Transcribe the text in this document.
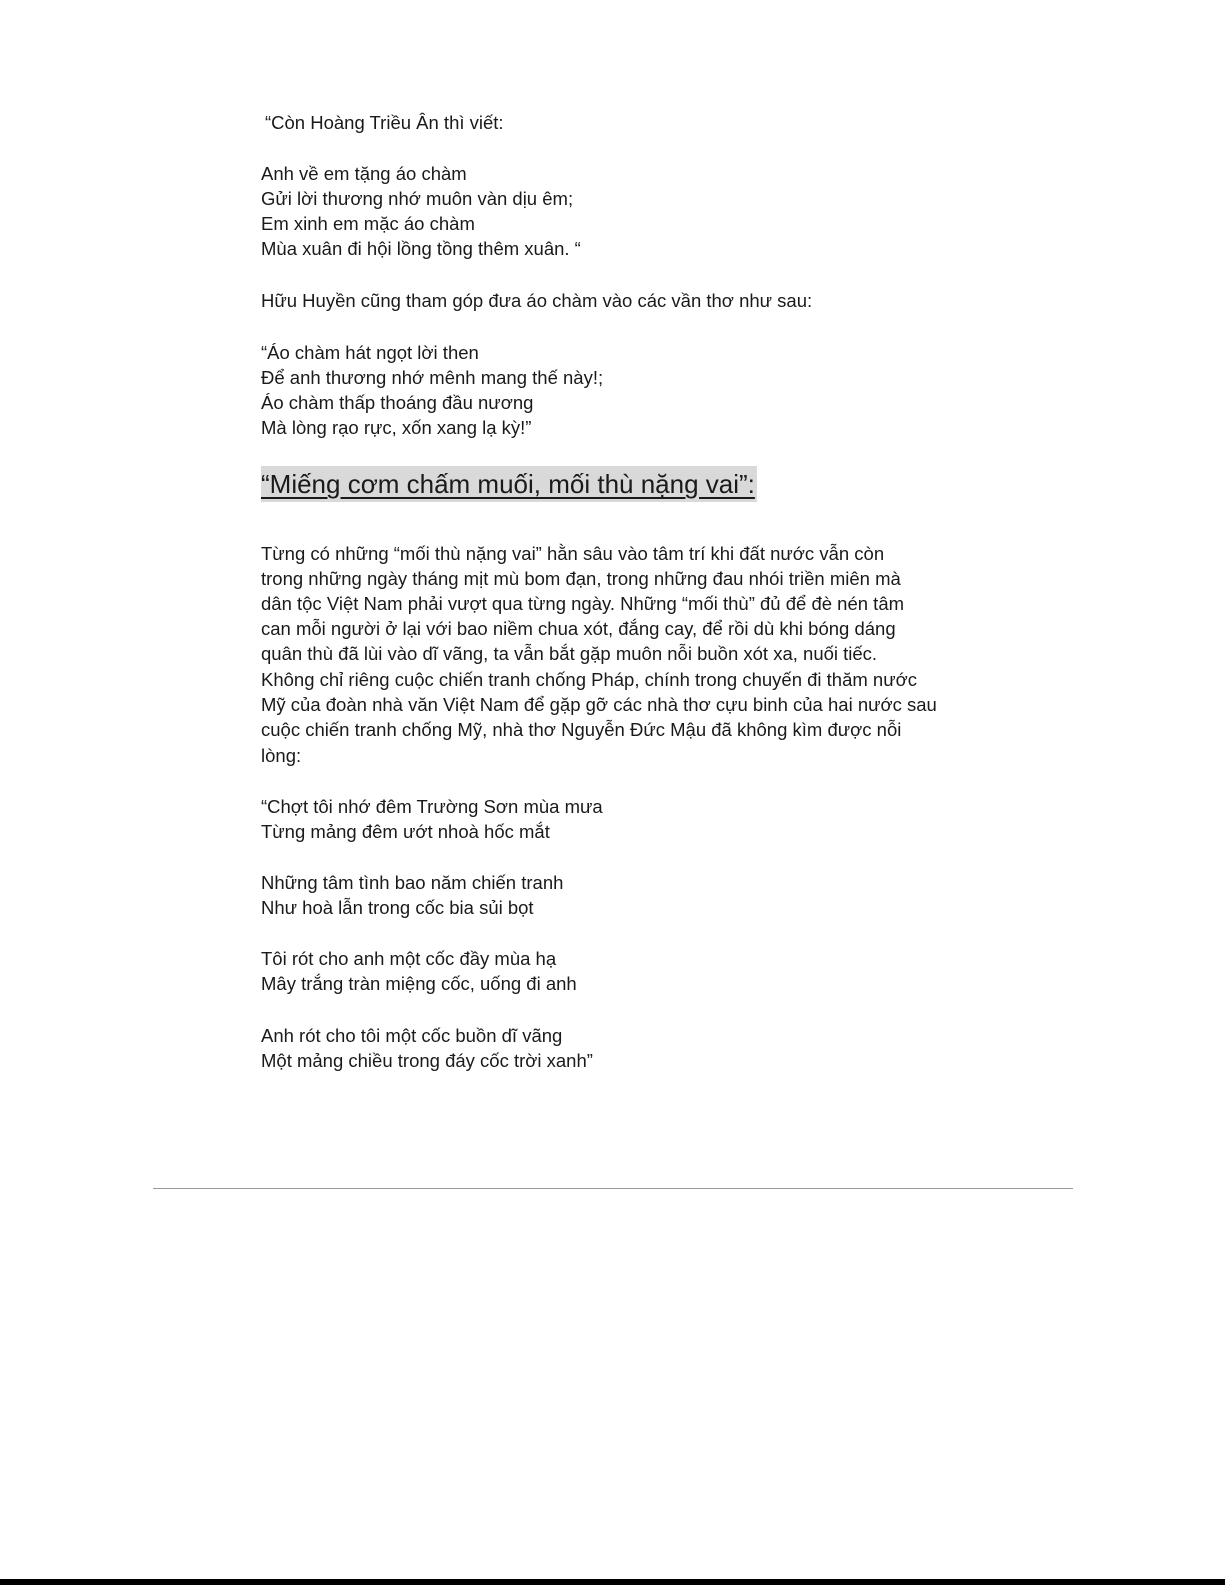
“Còn Hoàng Triều Ân thì viết:
Anh về em tặng áo chàm
Gửi lời thương nhớ muôn vàn dịu êm;
Em xinh em mặc áo chàm
Mùa xuân đi hội lồng tồng thêm xuân. “
Hữu Huyền cũng tham góp đưa áo chàm vào các vần thơ như sau:
“Áo chàm hát ngọt lời then
Để anh thương nhớ mênh mang thế này!;
Áo chàm thấp thoáng đầu nương
Mà lòng rạo rực, xốn xang lạ kỳ!”
“Miếng cơm chấm muối, mối thù nặng vai”:
Từng có những “mối thù nặng vai” hằn sâu vào tâm trí khi đất nước vẫn còn
trong những ngày tháng mịt mù bom đạn, trong những đau nhói triền miên mà
dân tộc Việt Nam phải vượt qua từng ngày. Những “mối thù” đủ để đè nén tâm
can mỗi người ở lại với bao niềm chua xót, đắng cay, để rồi dù khi bóng dáng
quân thù đã lùi vào dĩ vãng, ta vẫn bắt gặp muôn nỗi buồn xót xa, nuối tiếc.
Không chỉ riêng cuộc chiến tranh chống Pháp, chính trong chuyến đi thăm nước
Mỹ của đoàn nhà văn Việt Nam để gặp gỡ các nhà thơ cựu binh của hai nước sau
cuộc chiến tranh chống Mỹ, nhà thơ Nguyễn Đức Mậu đã không kìm được nỗi
lòng:
“Chợt tôi nhớ đêm Trường Sơn mùa mưa
Từng mảng đêm ướt nhoà hốc mắt
Những tâm tình bao năm chiến tranh
Như hoà lẫn trong cốc bia sủi bọt
Tôi rót cho anh một cốc đầy mùa hạ
Mây trắng tràn miệng cốc, uống đi anh
Anh rót cho tôi một cốc buồn dĩ vãng
Một mảng chiều trong đáy cốc trời xanh”
